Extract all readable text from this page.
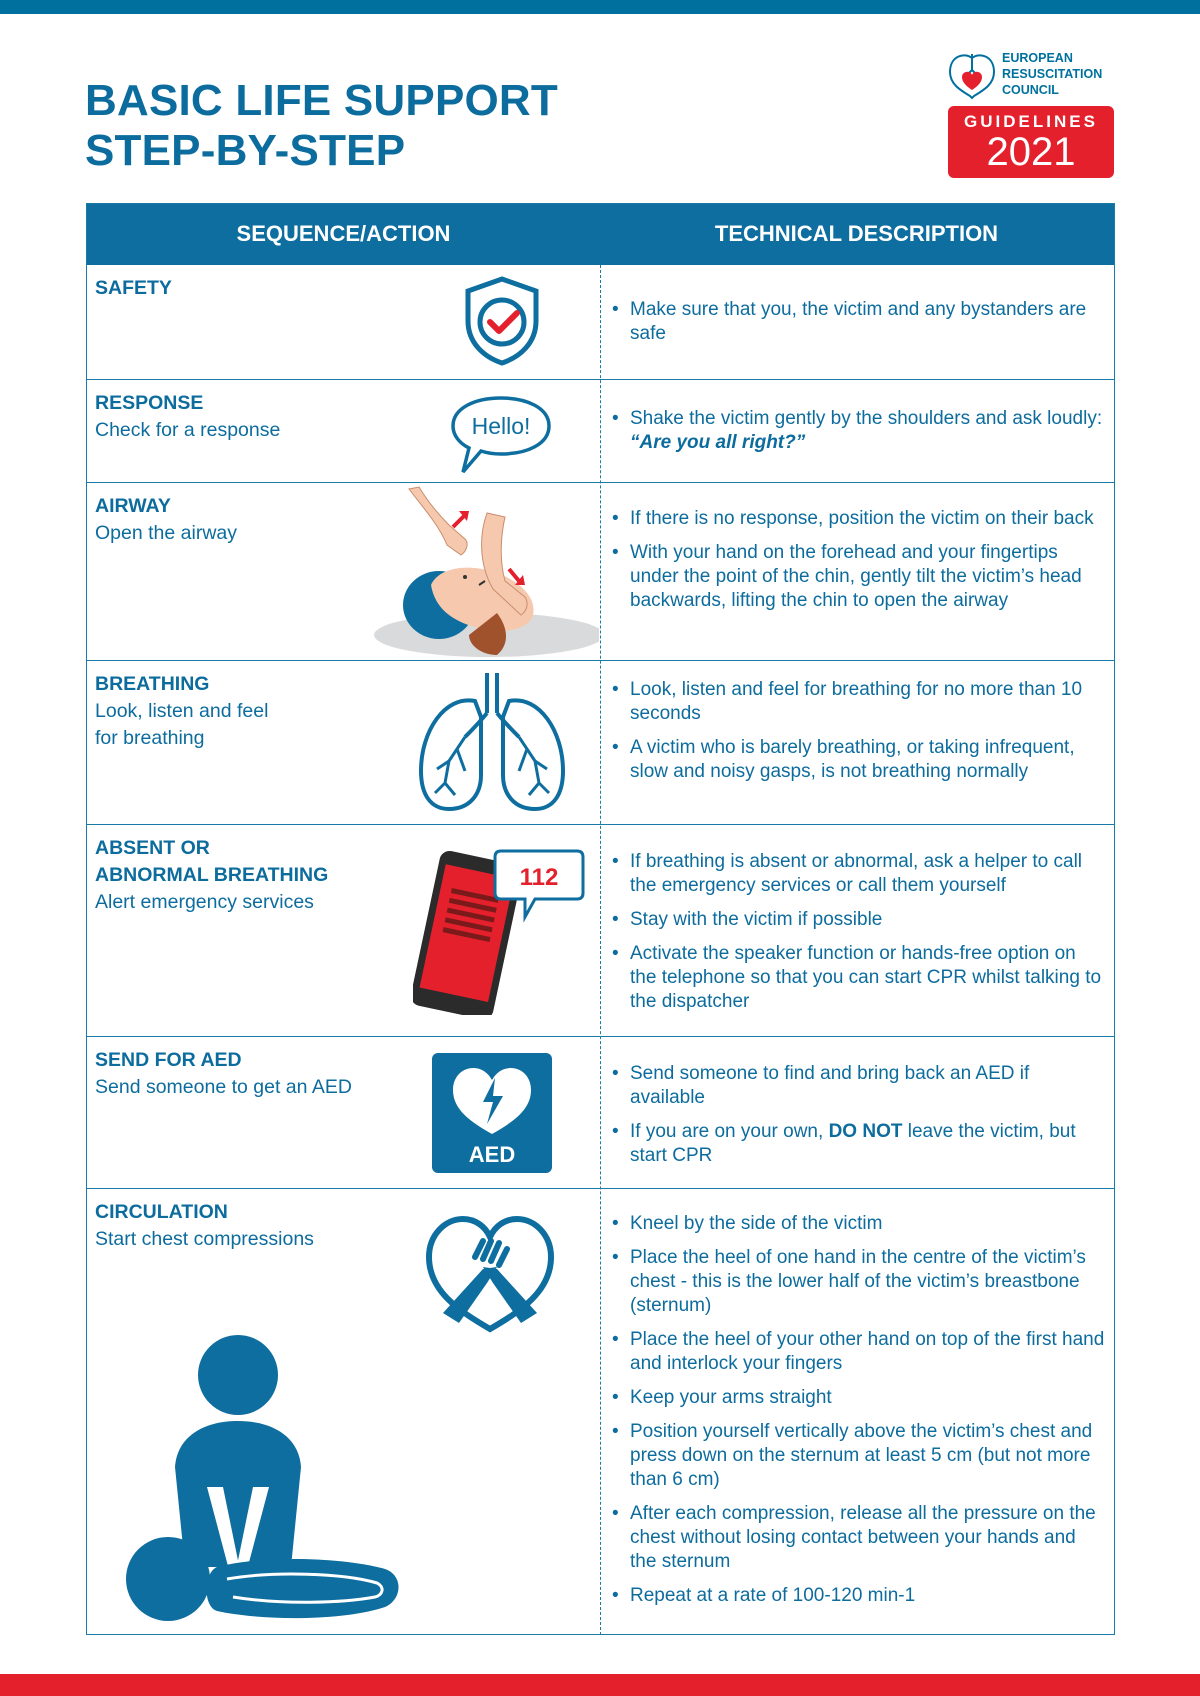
BASIC LIFE SUPPORT
STEP-BY-STEP
EUROPEAN
RESUSCITATION
COUNCIL
GUIDELINES
2021
SEQUENCE/ACTION	TECHNICAL DESCRIPTION
SAFETY
• Make sure that you, the victim and any bystanders are safe
RESPONSE
Check for a response	Hello!
•	Shake the victim gently by the shoulders and ask loudly: “Are you all right?”
AIRWAY
Open the airway
• If there is no response, position the victim on their back
• With your hand on the forehead and your fingertips under the point of the chin, gently tilt the victim’s head backwards, lifting the chin to open the airway
BREATHING
Look, listen and feel
for breathing
• Look, listen and feel for breathing for no more than 10 seconds
• A victim who is barely breathing, or taking infrequent, slow and noisy gasps, is not breathing normally
ABSENT OR
ABNORMAL BREATHING
Alert emergency services
112
• If breathing is absent or abnormal, ask a helper to call the emergency services or call them yourself
• Stay with the victim if possible
• Activate the speaker function or hands-free option on the telephone so that you can start CPR whilst talking to the dispatcher
SEND FOR AED
Send someone to get an AED
AED
• Send someone to find and bring back an AED if available
• If you are on your own, DO NOT leave the victim, but start CPR
CIRCULATION
Start chest compressions
• Kneel by the side of the victim
• Place the heel of one hand in the centre of the victim’s chest - this is the lower half of the victim’s breastbone (sternum)
• Place the heel of your other hand on top of the first hand and interlock your fingers
• Keep your arms straight
• Position yourself vertically above the victim’s chest and press down on the sternum at least 5 cm (but not more than 6 cm)
• After each compression, release all the pressure on the chest without losing contact between your hands and the sternum
• Repeat at a rate of 100-120 min-1
